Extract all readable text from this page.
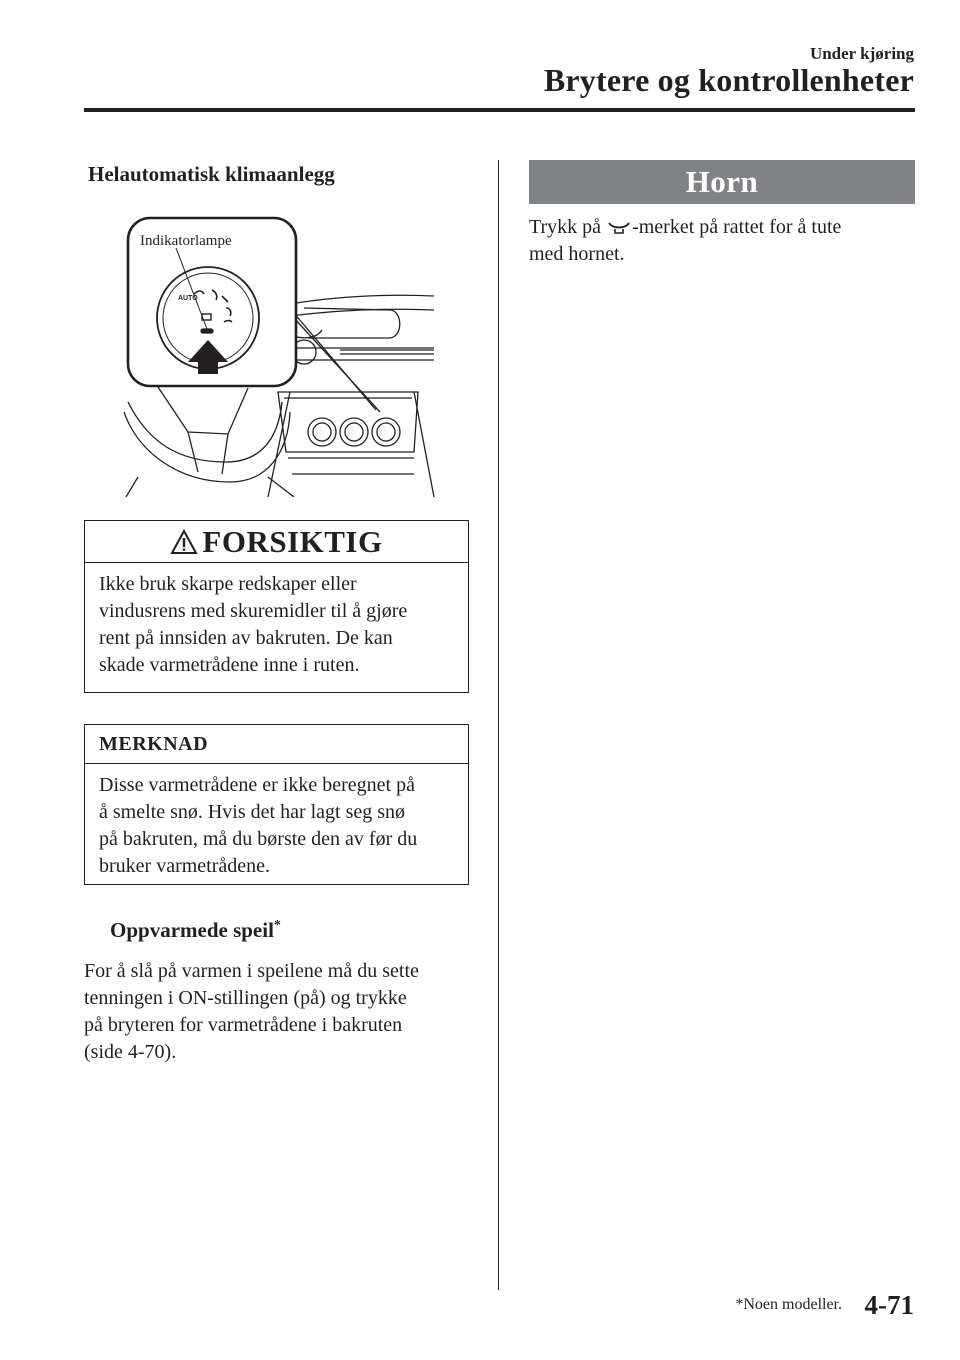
Under kjøring
Brytere og kontrollenheter
Helautomatisk klimaanlegg
Indikatorlampe
AUTO
FORSIKTIG
Ikke bruk skarpe redskaper eller
vindusrens med skuremidler til å gjøre
rent på innsiden av bakruten. De kan
skade varmetrådene inne i ruten.
MERKNAD
Disse varmetrådene er ikke beregnet på
å smelte snø. Hvis det har lagt seg snø
på bakruten, må du børste den av før du
bruker varmetrådene.
Oppvarmede speil*
For å slå på varmen i speilene må du sette
tenningen i ON-stillingen (på) og trykke
på bryteren for varmetrådene i bakruten
(side 4-70).
Horn
Trykk på -merket på rattet for å tute
med hornet.
*Noen modeller. 4-71
